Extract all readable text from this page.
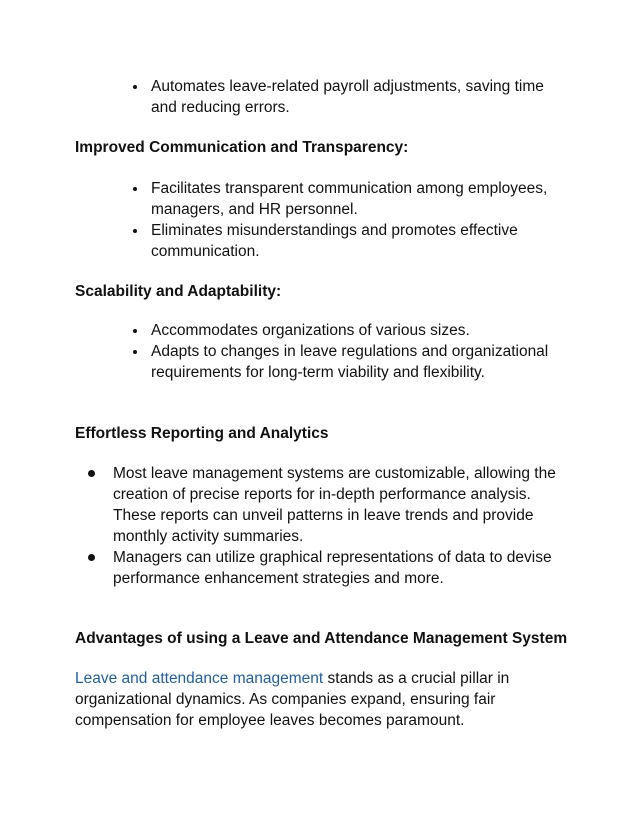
Automates leave-related payroll adjustments, saving time and reducing errors.
Improved Communication and Transparency:
Facilitates transparent communication among employees, managers, and HR personnel.
Eliminates misunderstandings and promotes effective communication.
Scalability and Adaptability:
Accommodates organizations of various sizes.
Adapts to changes in leave regulations and organizational requirements for long-term viability and flexibility.
Effortless Reporting and Analytics
Most leave management systems are customizable, allowing the creation of precise reports for in-depth performance analysis. These reports can unveil patterns in leave trends and provide monthly activity summaries.
Managers can utilize graphical representations of data to devise performance enhancement strategies and more.
Advantages of using a Leave and Attendance Management System

Leave and attendance management stands as a crucial pillar in organizational dynamics. As companies expand, ensuring fair compensation for employee leaves becomes paramount.
